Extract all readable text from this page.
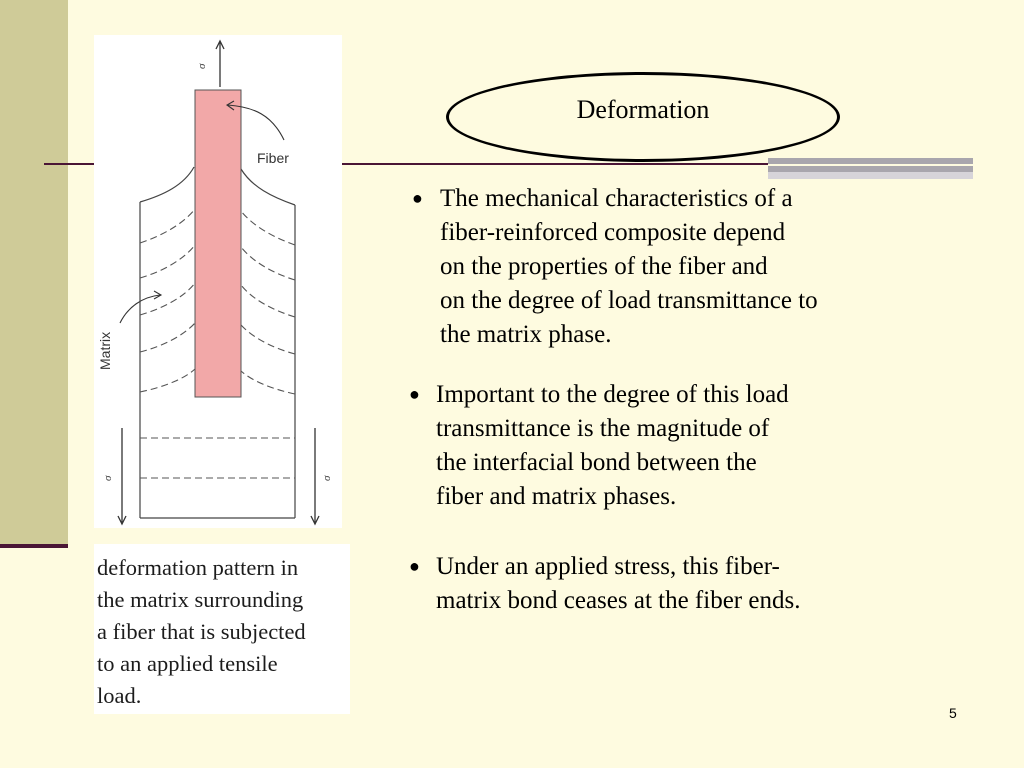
Deformation
σ
Fiber
Matrix
σ	σ
deformation pattern in
the matrix surrounding
a fiber that is subjected
to an applied tensile
load.
● The mechanical characteristics of a
fiber-reinforced composite depend
on the properties of the fiber and
on the degree of load transmittance to
the matrix phase.
● Important to the degree of this load
transmittance is the magnitude of
the interfacial bond between the
fiber and matrix phases.
● Under an applied stress, this fiber-
matrix bond ceases at the fiber ends.
5
